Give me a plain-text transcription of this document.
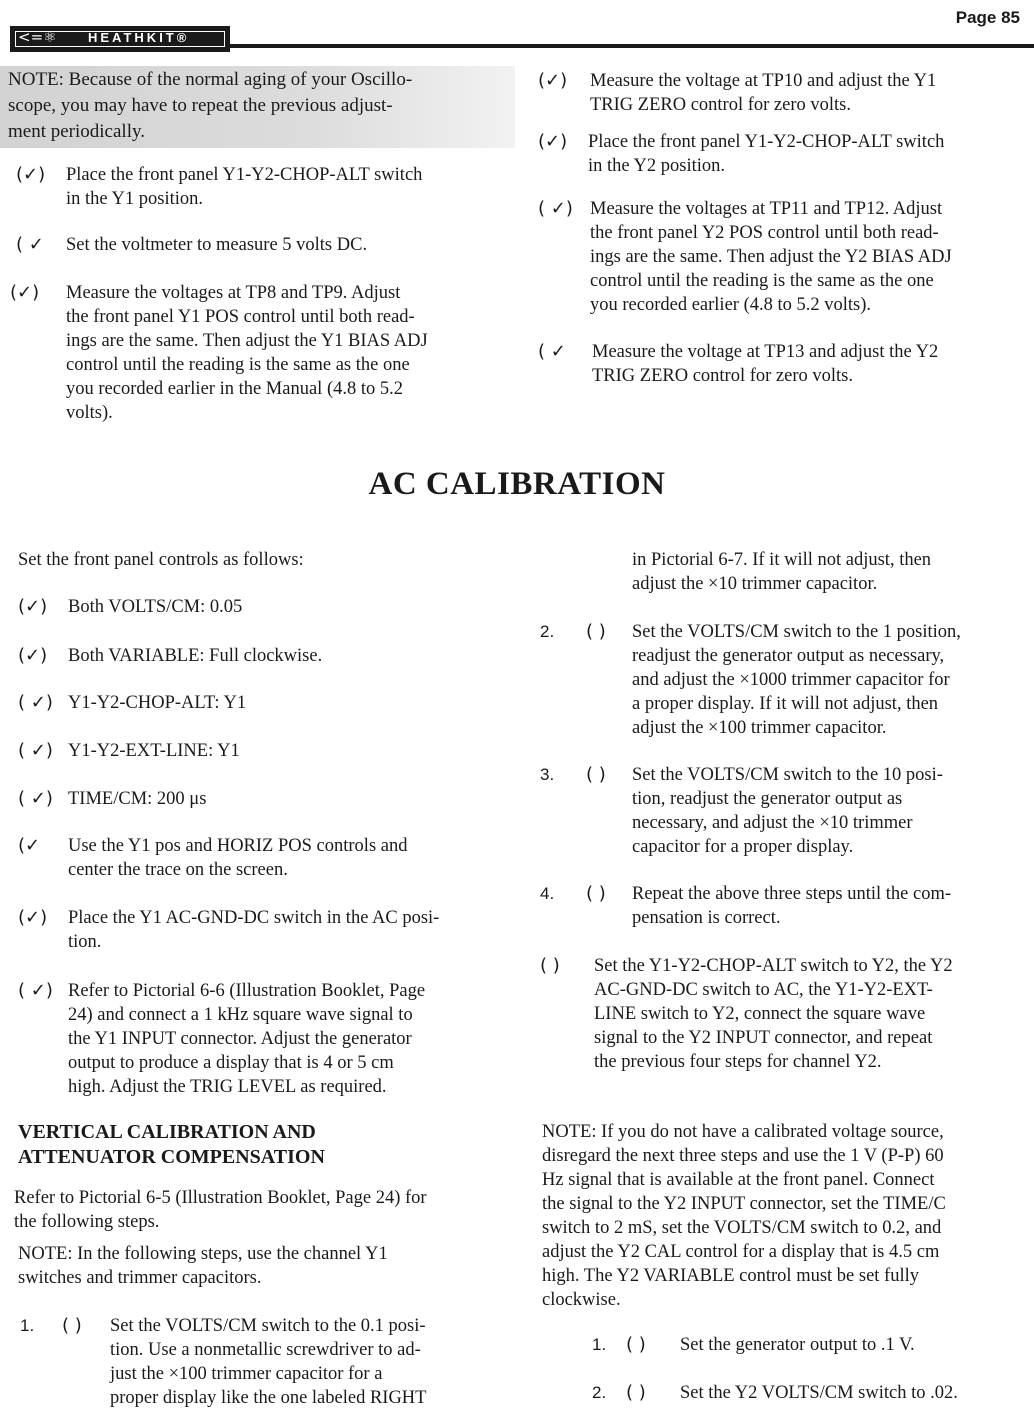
Page 85
<=⚛ HEATHKIT®
NOTE: Because of the normal aging of your Oscillo-
scope, you may have to repeat the previous adjust-
ment periodically.
(✓) Place the front panel Y1-Y2-CHOP-ALT switch
in the Y1 position.
( ✓ Set the voltmeter to measure 5 volts DC.
(✓) Measure the voltages at TP8 and TP9. Adjust
the front panel Y1 POS control until both read-
ings are the same. Then adjust the Y1 BIAS ADJ
control until the reading is the same as the one
you recorded earlier in the Manual (4.8 to 5.2
volts).
(✓) Measure the voltage at TP10 and adjust the Y1
TRIG ZERO control for zero volts.
(✓) Place the front panel Y1-Y2-CHOP-ALT switch
in the Y2 position.
( ✓) Measure the voltages at TP11 and TP12. Adjust
the front panel Y2 POS control until both read-
ings are the same. Then adjust the Y2 BIAS ADJ
control until the reading is the same as the one
you recorded earlier (4.8 to 5.2 volts).
( ✓ Measure the voltage at TP13 and adjust the Y2
TRIG ZERO control for zero volts.
AC CALIBRATION
Set the front panel controls as follows:
(✓) Both VOLTS/CM: 0.05
(✓) Both VARIABLE: Full clockwise.
( ✓) Y1-Y2-CHOP-ALT: Y1
( ✓) Y1-Y2-EXT-LINE: Y1
( ✓) TIME/CM: 200 μs
(✓ Use the Y1 pos and HORIZ POS controls and
center the trace on the screen.
(✓) Place the Y1 AC-GND-DC switch in the AC posi-
tion.
( ✓) Refer to Pictorial 6-6 (Illustration Booklet, Page
24) and connect a 1 kHz square wave signal to
the Y1 INPUT connector. Adjust the generator
output to produce a display that is 4 or 5 cm
high. Adjust the TRIG LEVEL as required.
VERTICAL CALIBRATION AND
ATTENUATOR COMPENSATION
Refer to Pictorial 6-5 (Illustration Booklet, Page 24) for
the following steps.
NOTE: In the following steps, use the channel Y1
switches and trimmer capacitors.
1. ( ) Set the VOLTS/CM switch to the 0.1 posi-
tion. Use a nonmetallic screwdriver to ad-
just the ×100 trimmer capacitor for a
proper display like the one labeled RIGHT
in Pictorial 6-7. If it will not adjust, then
adjust the ×10 trimmer capacitor.
2. ( ) Set the VOLTS/CM switch to the 1 position,
readjust the generator output as necessary,
and adjust the ×1000 trimmer capacitor for
a proper display. If it will not adjust, then
adjust the ×100 trimmer capacitor.
3. ( ) Set the VOLTS/CM switch to the 10 posi-
tion, readjust the generator output as
necessary, and adjust the ×10 trimmer
capacitor for a proper display.
4. ( ) Repeat the above three steps until the com-
pensation is correct.
( ) Set the Y1-Y2-CHOP-ALT switch to Y2, the Y2
AC-GND-DC switch to AC, the Y1-Y2-EXT-
LINE switch to Y2, connect the square wave
signal to the Y2 INPUT connector, and repeat
the previous four steps for channel Y2.
NOTE: If you do not have a calibrated voltage source,
disregard the next three steps and use the 1 V (P-P) 60
Hz signal that is available at the front panel. Connect
the signal to the Y2 INPUT connector, set the TIME/C
switch to 2 mS, set the VOLTS/CM switch to 0.2, and
adjust the Y2 CAL control for a display that is 4.5 cm
high. The Y2 VARIABLE control must be set fully
clockwise.
1. ( ) Set the generator output to .1 V.
2. ( ) Set the Y2 VOLTS/CM switch to .02.
